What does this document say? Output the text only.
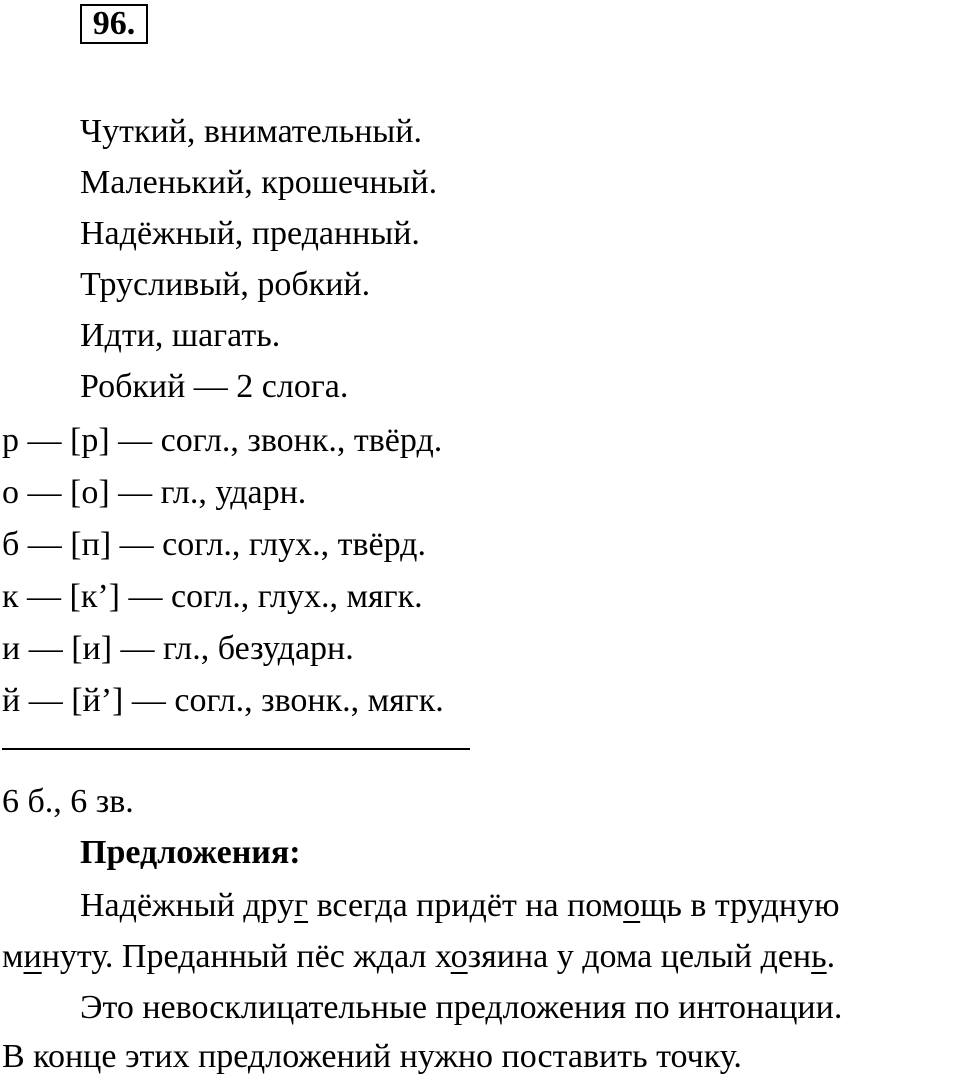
96.
Чуткий, внимательный.
Маленький, крошечный.
Надёжный, преданный.
Трусливый, робкий.
Идти, шагать.
Робкий — 2 слога.
р — [р] — согл., звонк., твёрд.
о — [о] — гл., ударн.
б — [п] — согл., глух., твёрд.
к — [к’] — согл., глух., мягк.
и — [и] — гл., безударн.
й — [й’] — согл., звонк., мягк.
6 б., 6 зв.
Предложения:
Надёжный друг всегда придёт на помощь в трудную
минуту. Преданный пёс ждал хозяина у дома целый день.
Это невосклицательные предложения по интонации.
В конце этих предложений нужно поставить точку.
